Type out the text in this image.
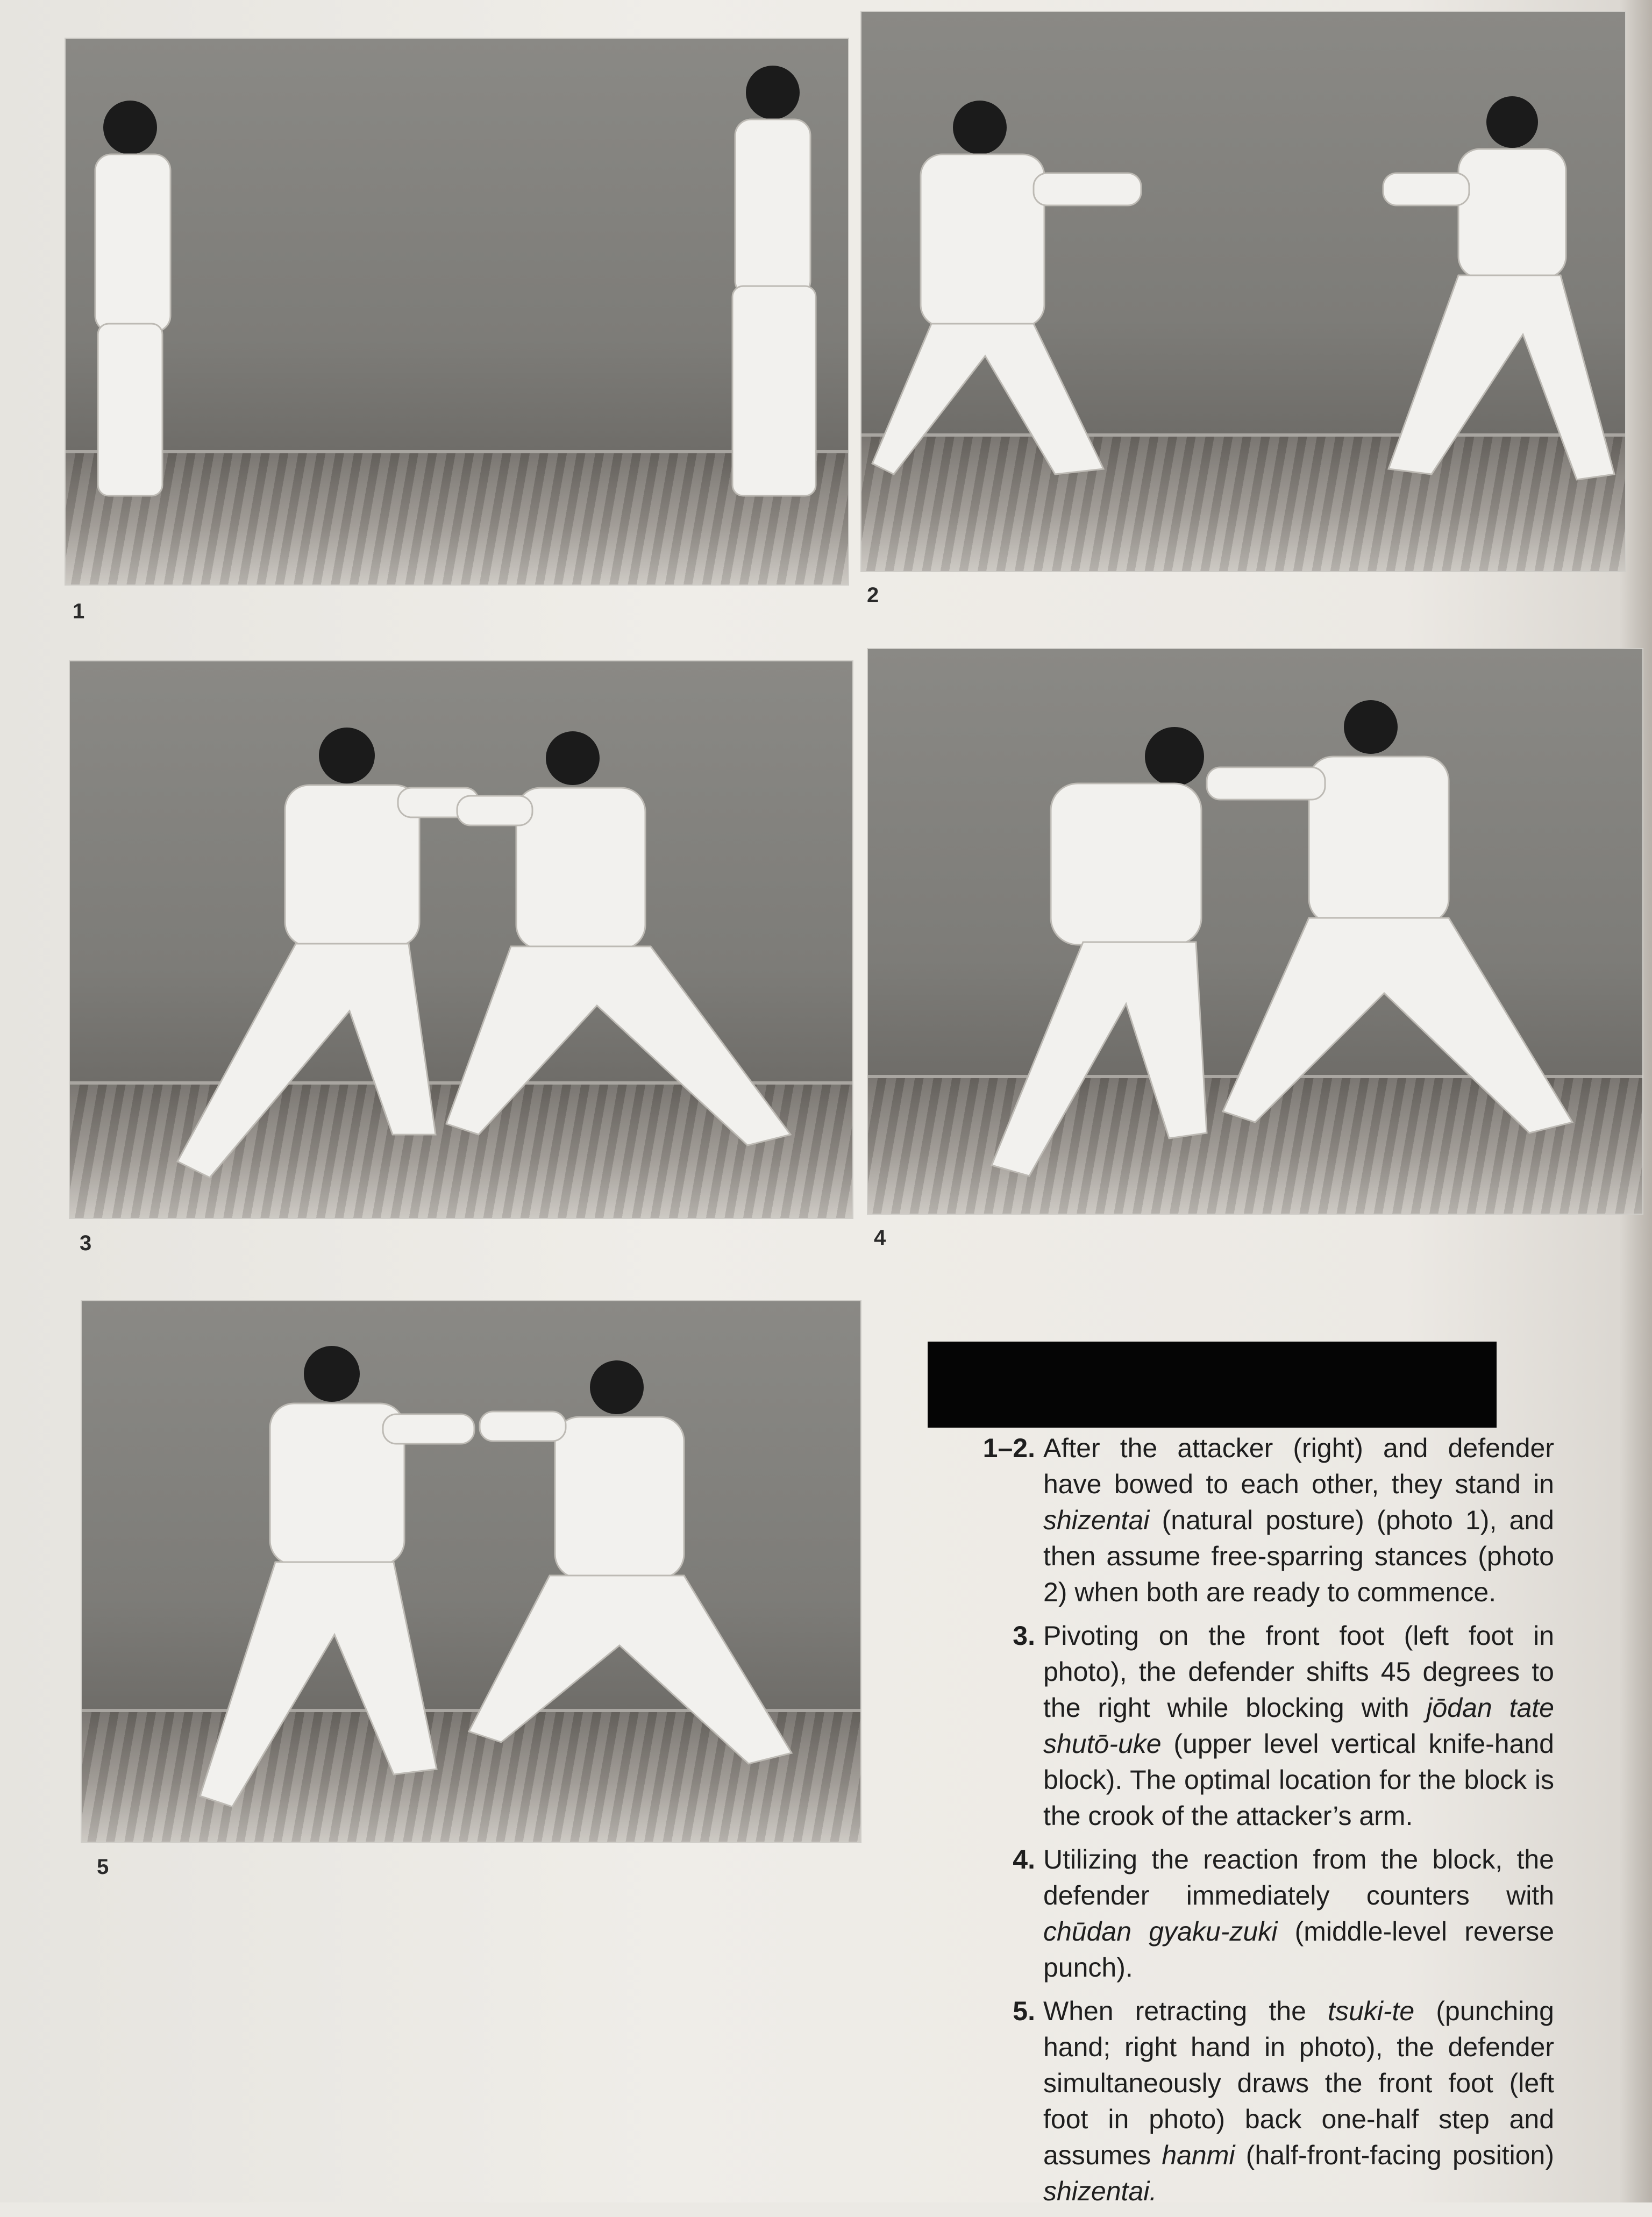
1
2
3	4
5
1–2. After the attacker (right) and defender have bowed to each other, they stand in shizentai (natural posture) (photo 1), and then assume free-sparring stances (photo 2) when both are ready to commence.
3. Pivoting on the front foot (left foot in photo), the defender shifts 45 degrees to the right while blocking with jōdan tate shutō-uke (upper level vertical knife-hand block). The optimal location for the block is the crook of the attacker’s arm.
4. Utilizing the reaction from the block, the defender immediately counters with chūdan gyaku-zuki (middle-level reverse punch).
5. When retracting the tsuki-te (punching hand; right hand in photo), the defender simultaneously draws the front foot (left foot in photo) back one-half step and assumes hanmi (half-front-facing position) shizentai.
